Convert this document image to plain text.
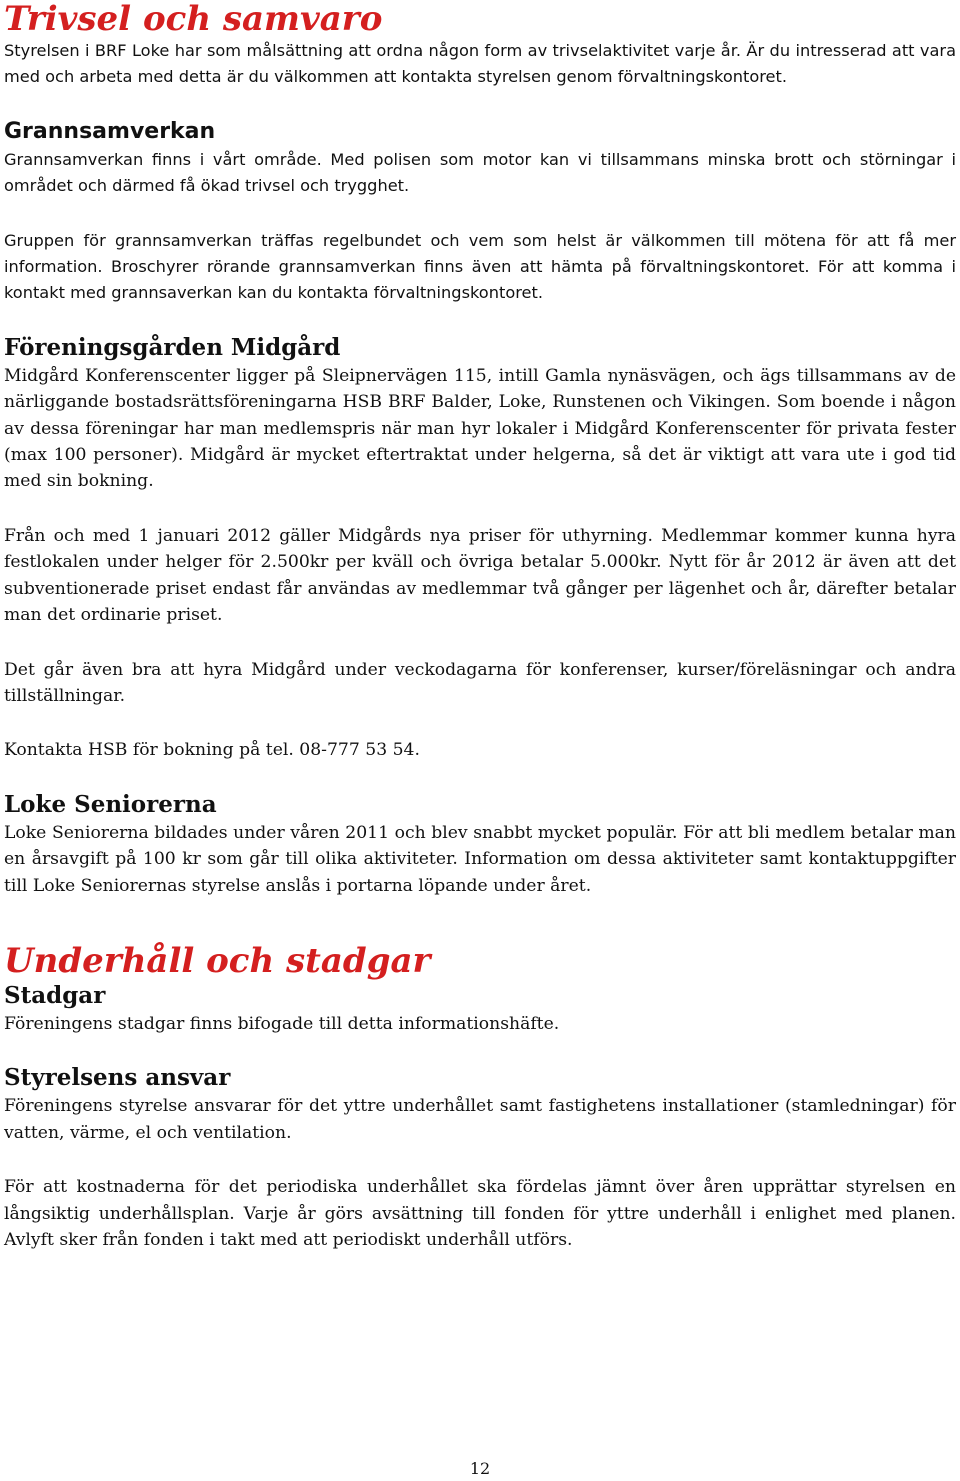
Trivsel och samvaro

Styrelsen i BRF Loke har som målsättning att ordna någon form av trivselaktivitet varje år. Är du intresserad att vara med och arbeta med detta är du välkommen att kontakta styrelsen genom förvaltningskontoret.

Grannsamverkan

Grannsamverkan finns i vårt område. Med polisen som motor kan vi tillsammans minska brott och störningar i området och därmed få ökad trivsel och trygghet.

Gruppen för grannsamverkan träffas regelbundet och vem som helst är välkommen till mötena för att få mer information. Broschyrer rörande grannsamverkan finns även att hämta på förvaltningskontoret. För att komma i kontakt med grannsaverkan kan du kontakta förvaltningskontoret.

Föreningsgården Midgård

Midgård Konferenscenter ligger på Sleipnervägen 115, intill Gamla nynäsvägen, och ägs tillsammans av de närliggande bostadsrättsföreningarna HSB BRF Balder, Loke, Runstenen och Vikingen. Som boende i någon av dessa föreningar har man medlemspris när man hyr lokaler i Midgård Konferenscenter för privata fester (max 100 personer). Midgård är mycket eftertraktat under helgerna, så det är viktigt att vara ute i god tid med sin bokning.

Från och med 1 januari 2012 gäller Midgårds nya priser för uthyrning. Medlemmar kommer kunna hyra festlokalen under helger för 2.500kr per kväll och övriga betalar 5.000kr. Nytt för år 2012 är även att det subventionerade priset endast får användas av medlemmar två gånger per lägenhet och år, därefter betalar man det ordinarie priset.

Det går även bra att hyra Midgård under veckodagarna för konferenser, kurser/föreläsningar och andra tillställningar.

Kontakta HSB för bokning på tel. 08-777 53 54.

Loke Seniorerna

Loke Seniorerna bildades under våren 2011 och blev snabbt mycket populär. För att bli medlem betalar man en årsavgift på 100 kr som går till olika aktiviteter. Information om dessa aktiviteter samt kontaktuppgifter till Loke Seniorernas styrelse anslås i portarna löpande under året.

Underhåll och stadgar
Stadgar

Föreningens stadgar finns bifogade till detta informationshäfte.

Styrelsens ansvar

Föreningens styrelse ansvarar för det yttre underhållet samt fastighetens installationer (stamledningar) för vatten, värme, el och ventilation.

För att kostnaderna för det periodiska underhållet ska fördelas jämnt över åren upprättar styrelsen en långsiktig underhållsplan. Varje år görs avsättning till fonden för yttre underhåll i enlighet med planen. Avlyft sker från fonden i takt med att periodiskt underhåll utförs.

12
